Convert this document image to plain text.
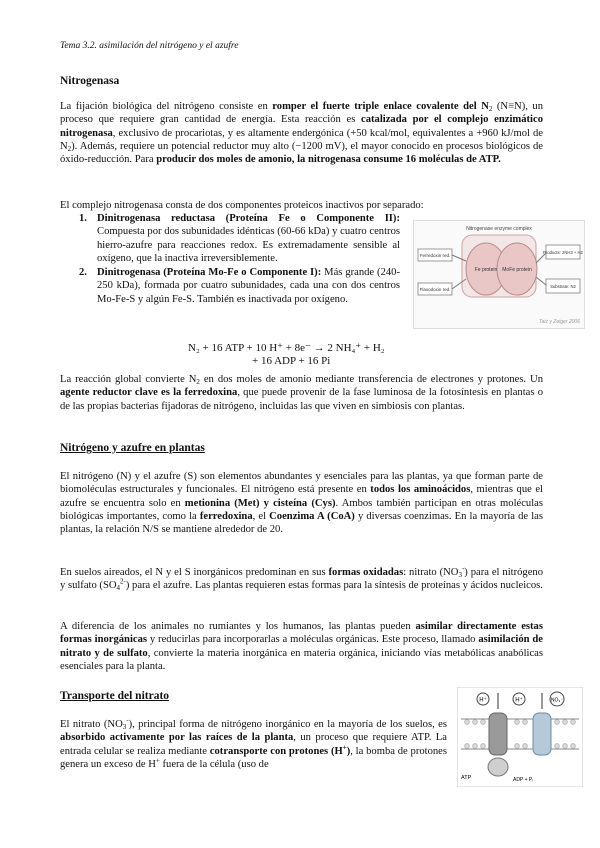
Tema 3.2. asimilación del nitrógeno y el azufre
Nitrogenasa
La fijación biológica del nitrógeno consiste en romper el fuerte triple enlace covalente del $N_2$ (N≡N), un proceso que requiere gran cantidad de energía. Esta reacción es catalizada por el complejo enzimático nitrogenasa, exclusivo de procariotas, y es altamente endergónica (+50 kcal/mol, equivalentes a +960 kJ/mol de $N_2$). Además, requiere un potencial reductor muy alto (−1200 mV), el mayor conocido en procesos biológicos de óxido-reducción. Para producir dos moles de amonio, la nitrogenasa consume 16 moléculas de ATP.
El complejo nitrogenasa consta de dos componentes proteicos inactivos por separado:
1. Dinitrogenasa reductasa (Proteína Fe o Componente II): Compuesta por dos subunidades idénticas (60-66 kDa) y cuatro centros hierro-azufre para reacciones redox. Es extremadamente sensible al oxígeno, que la inactiva irreversiblemente.
2. Dinitrogenasa (Proteína Mo-Fe o Componente I): Más grande (240-250 kDa), formada por cuatro subunidades, cada una con dos centros Mo-Fe-S y algún Fe-S. También es inactivada por oxígeno.
Nitrogenase enzyme complex
Fe protein MoFe protein
Ferredoxin red.
Flavodoxin red.
Products: 2NH3 + H2
Substrate: N2
Taiz y Zeiger 2006
N₂ + 16 ATP + 10 H⁺ + 8e⁻ → 2 NH₄⁺ + H₂
+ 16 ADP + 16 Pi
La reacción global convierte $N_2$ en dos moles de amonio mediante transferencia de electrones y protones. Un agente reductor clave es la ferredoxina, que puede provenir de la fase luminosa de la fotosíntesis en plantas o de las propias bacterias fijadoras de nitrógeno, incluidas las que viven en simbiosis con plantas.
Nitrógeno y azufre en plantas
El nitrógeno (N) y el azufre (S) son elementos abundantes y esenciales para las plantas, ya que forman parte de biomoléculas estructurales y funcionales. El nitrógeno está presente en todos los aminoácidos, mientras que el azufre se encuentra solo en metionina (Met) y cisteína (Cys). Ambos también participan en otras moléculas biológicas importantes, como la ferredoxina, el Coenzima A (CoA) y diversas coenzimas. En la mayoría de las plantas, la relación N/S se mantiene alrededor de 20.
En suelos aireados, el N y el S inorgánicos predominan en sus formas oxidadas: nitrato $(NO_3^-)$ para el nitrógeno y sulfato $(SO_4^{2-})$ para el azufre. Las plantas requieren estas formas para la síntesis de proteínas y ácidos nucleicos.
A diferencia de los animales no rumiantes y los humanos, las plantas pueden asimilar directamente estas formas inorgánicas y reducirlas para incorporarlas a moléculas orgánicas. Este proceso, llamado asimilación de nitrato y de sulfato, convierte la materia inorgánica en materia orgánica, iniciando vías metabólicas anabólicas esenciales para la planta.
Transporte del nitrato
El nitrato $(NO_3^-)$, principal forma de nitrógeno inorgánico en la mayoría de los suelos, es absorbido activamente por las raíces de la planta, un proceso que requiere ATP. La entrada celular se realiza mediante cotransporte con protones (H+), la bomba de protones genera un exceso de H+ fuera de la célula (uso de
H⁺	H⁺	NO₃⁻
ATP	ADP + Pᵢ
